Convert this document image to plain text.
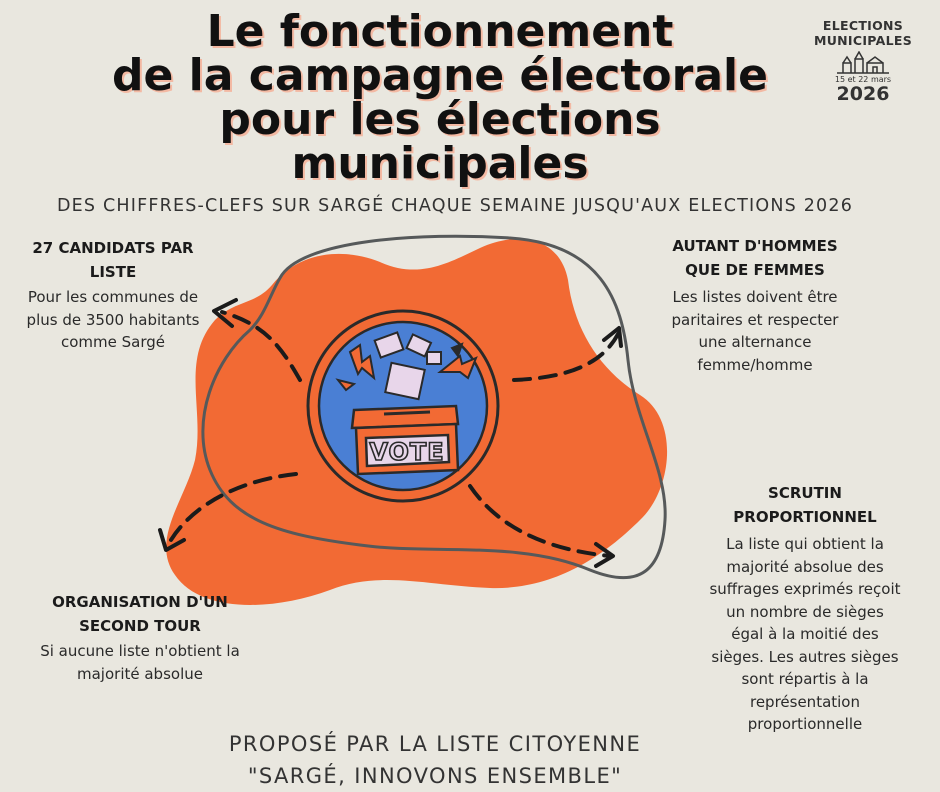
VOTE
Le fonctionnement
de la campagne électorale
pour les élections
municipales
ELECTIONS
MUNICIPALES
15 et 22 mars
2026
DES CHIFFRES-CLEFS SUR SARGÉ CHAQUE SEMAINE JUSQU'AUX ELECTIONS 2026
27 CANDIDATS PAR
LISTE
Pour les communes de
plus de 3500 habitants
comme Sargé
AUTANT D'HOMMES
QUE DE FEMMES
Les listes doivent être
paritaires et respecter
une alternance
femme/homme
SCRUTIN
PROPORTIONNEL
La liste qui obtient la
majorité absolue des
suffrages exprimés reçoit
un nombre de sièges
égal à la moitié des
sièges. Les autres sièges
sont répartis à la
représentation
proportionnelle
ORGANISATION D'UN
SECOND TOUR
Si aucune liste n'obtient la
majorité absolue
PROPOSÉ PAR LA LISTE CITOYENNE
"SARGÉ, INNOVONS ENSEMBLE"
